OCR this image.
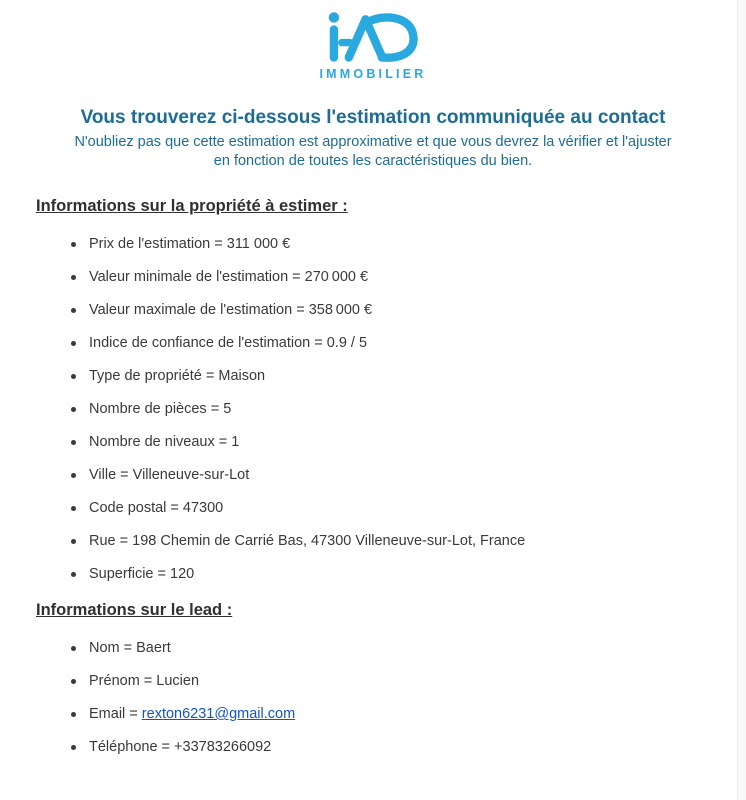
IMMOBILIER
Vous trouverez ci-dessous l'estimation communiquée au contact
N'oubliez pas que cette estimation est approximative et que vous devrez la vérifier et l'ajuster
en fonction de toutes les caractéristiques du bien.
Informations sur la propriété à estimer :
Prix de l'estimation = 311 000 €
Valeur minimale de l'estimation = 270 000 €
Valeur maximale de l'estimation = 358 000 €
Indice de confiance de l'estimation = 0.9 / 5
Type de propriété = Maison
Nombre de pièces = 5
Nombre de niveaux = 1
Ville = Villeneuve-sur-Lot
Code postal = 47300
Rue = 198 Chemin de Carrié Bas, 47300 Villeneuve-sur-Lot, France
Superficie = 120
Informations sur le lead :
Nom = Baert
Prénom = Lucien
Email = rexton6231@gmail.com
Téléphone = +33783266092
